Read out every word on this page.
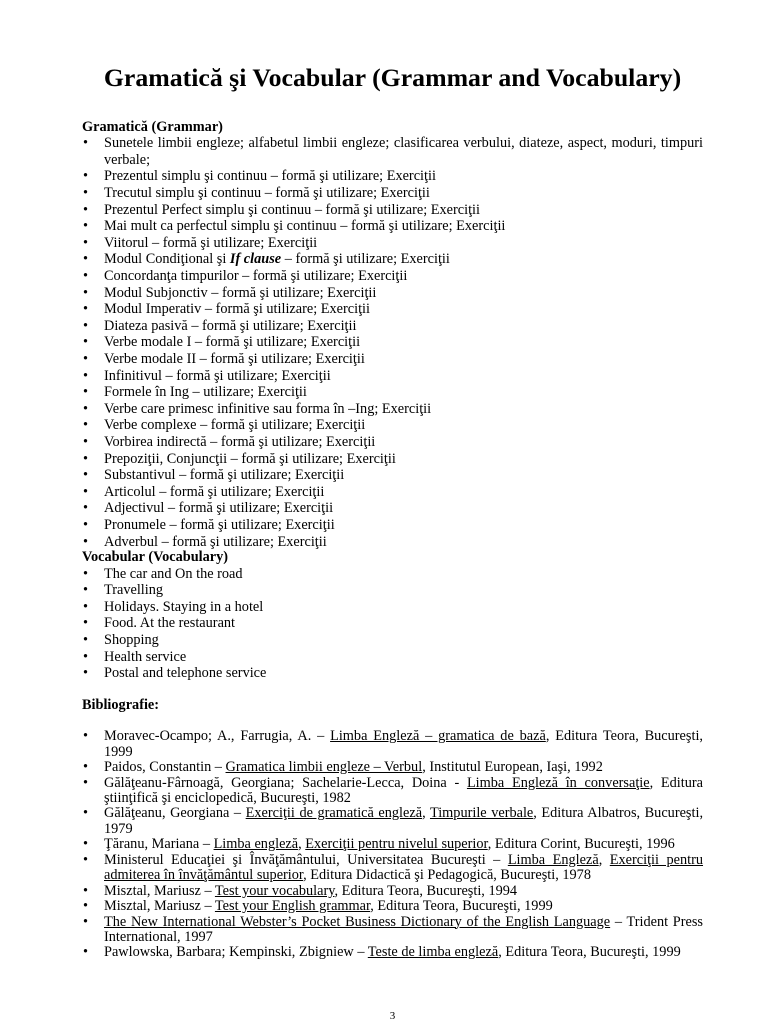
Gramatică şi Vocabular (Grammar and Vocabulary)
Gramatică (Grammar)
•
Sunetele limbii engleze; alfabetul limbii engleze; clasificarea verbului, diateze, aspect, moduri, timpuri verbale;
•
Prezentul simplu şi continuu – formă şi utilizare; Exerciţii
•
Trecutul simplu şi continuu – formă şi utilizare; Exerciţii
•
Prezentul Perfect simplu şi continuu – formă şi utilizare; Exerciţii
•
Mai mult ca perfectul simplu şi continuu – formă şi utilizare; Exerciţii
•
Viitorul – formă şi utilizare; Exerciţii
•
Modul Condiţional şi If clause – formă şi utilizare; Exerciţii
•
Concordanţa timpurilor – formă şi utilizare; Exerciţii
•
Modul Subjonctiv – formă şi utilizare; Exerciţii
•
Modul Imperativ – formă şi utilizare; Exerciţii
•
Diateza pasivă – formă şi utilizare; Exerciţii
•
Verbe modale I – formă şi utilizare; Exerciţii
•
Verbe modale II – formă şi utilizare; Exerciţii
•
Infinitivul – formă şi utilizare; Exerciţii
•
Formele în Ing – utilizare; Exerciţii
•
Verbe care primesc infinitive sau forma în –Ing; Exerciţii
•
Verbe complexe – formă şi utilizare; Exerciţii
•
Vorbirea indirectă – formă şi utilizare; Exerciţii
•
Prepoziţii, Conjuncţii – formă şi utilizare; Exerciţii
•
Substantivul – formă şi utilizare; Exerciţii
•
Articolul – formă şi utilizare; Exerciţii
•
Adjectivul – formă şi utilizare; Exerciţii
•
Pronumele – formă şi utilizare; Exerciţii
•
Adverbul – formă şi utilizare; Exerciţii
Vocabular (Vocabulary)
•
The car and On the road
•
Travelling
•
Holidays. Staying in a hotel
•
Food. At the restaurant
•
Shopping
•
Health service
•
Postal and telephone service
Bibliografie:
•
Moravec-Ocampo; A., Farrugia, A. – Limba Engleză – gramatica de bază, Editura Teora, Bucureşti, 1999
•
Paidos, Constantin – Gramatica limbii engleze – Verbul, Institutul European, Iaşi, 1992
•
Gălăţeanu-Fârnoagă, Georgiana; Sachelarie-Lecca, Doina - Limba Engleză în conversaţie, Editura ştiinţifică şi enciclopedică, Bucureşti, 1982
•
Gălăţeanu, Georgiana – Exerciţii de gramatică engleză, Timpurile verbale, Editura Albatros, Bucureşti, 1979
•
Ţăranu, Mariana – Limba engleză, Exerciţii pentru nivelul superior, Editura Corint, Bucureşti, 1996
•
Ministerul Educaţiei şi Învăţământului, Universitatea Bucureşti – Limba Engleză, Exerciţii pentru admiterea în învăţământul superior, Editura Didactică şi Pedagogică, Bucureşti, 1978
•
Misztal, Mariusz – Test your vocabulary, Editura Teora, Bucureşti, 1994
•
Misztal, Mariusz – Test your English grammar, Editura Teora, Bucureşti, 1999
•
The New International Webster’s Pocket Business Dictionary of the English Language – Trident Press International, 1997
•
Pawlowska, Barbara; Kempinski, Zbigniew – Teste de limba engleză, Editura Teora, Bucureşti, 1999
3
